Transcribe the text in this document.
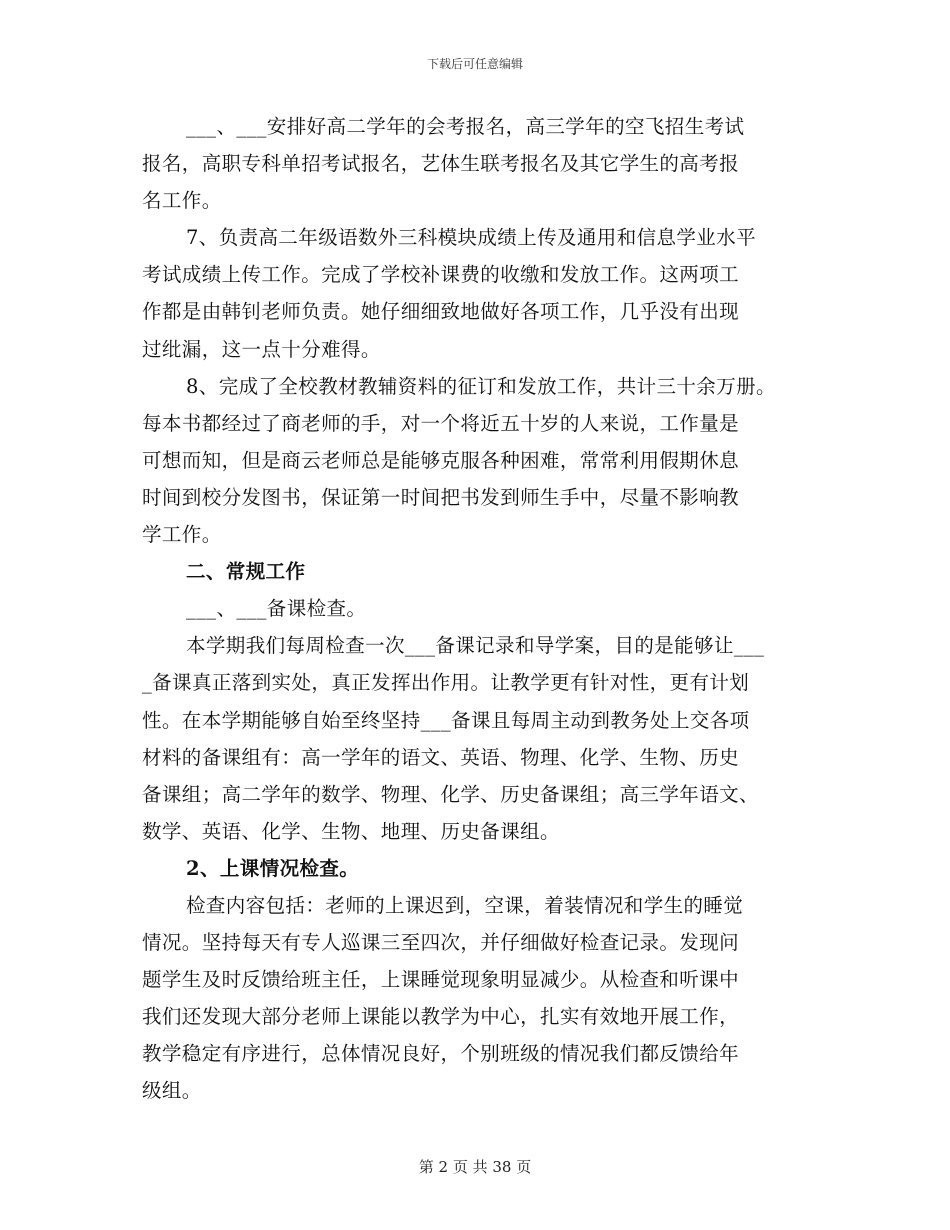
下载后可任意编辑
___、___安排好高二学年的会考报名，高三学年的空飞招生考试
报名，高职专科单招考试报名，艺体生联考报名及其它学生的高考报
名工作。
7、负责高二年级语数外三科模块成绩上传及通用和信息学业水平
考试成绩上传工作。完成了学校补课费的收缴和发放工作。这两项工
作都是由韩钊老师负责。她仔细细致地做好各项工作，几乎没有出现
过纰漏，这一点十分难得。
8、完成了全校教材教辅资料的征订和发放工作，共计三十余万册。
每本书都经过了商老师的手，对一个将近五十岁的人来说，工作量是
可想而知，但是商云老师总是能够克服各种困难，常常利用假期休息
时间到校分发图书，保证第一时间把书发到师生手中，尽量不影响教
学工作。
二、常规工作
___、___备课检查。
本学期我们每周检查一次___备课记录和导学案，目的是能够让___
_备课真正落到实处，真正发挥出作用。让教学更有针对性，更有计划
性。在本学期能够自始至终坚持___备课且每周主动到教务处上交各项
材料的备课组有：高一学年的语文、英语、物理、化学、生物、历史
备课组；高二学年的数学、物理、化学、历史备课组；高三学年语文、
数学、英语、化学、生物、地理、历史备课组。
2、上课情况检查。
检查内容包括：老师的上课迟到，空课，着装情况和学生的睡觉
情况。坚持每天有专人巡课三至四次，并仔细做好检查记录。发现问
题学生及时反馈给班主任，上课睡觉现象明显减少。从检查和听课中
我们还发现大部分老师上课能以教学为中心，扎实有效地开展工作，
教学稳定有序进行，总体情况良好，个别班级的情况我们都反馈给年
级组。
第 2 页 共 38 页
